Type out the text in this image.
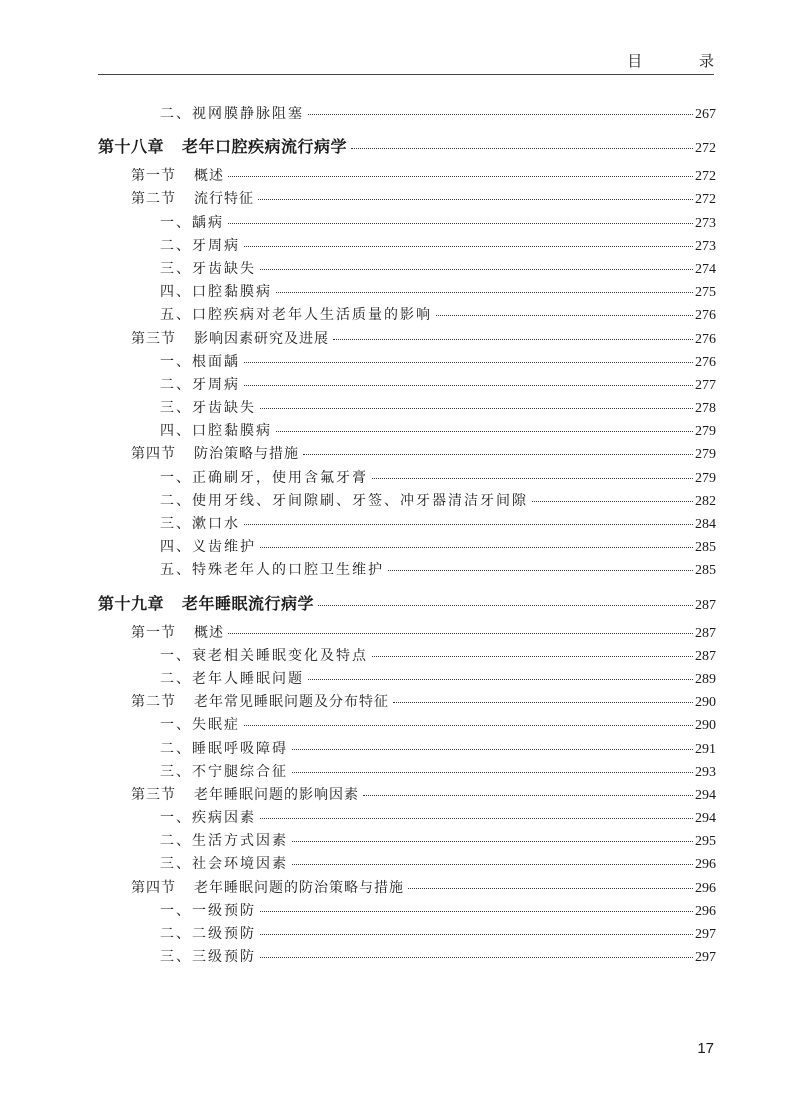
目 录
二、视网膜静脉阻塞	267
第十八章 老年口腔疾病流行病学	272
第一节 概述	272
第二节 流行特征	272
一、龋病	273
二、牙周病	273
三、牙齿缺失	274
四、口腔黏膜病	275
五、口腔疾病对老年人生活质量的影响	276
第三节 影响因素研究及进展	276
一、根面龋	276
二、牙周病	277
三、牙齿缺失	278
四、口腔黏膜病	279
第四节 防治策略与措施	279
一、正确刷牙，使用含氟牙膏	279
二、使用牙线、牙间隙刷、牙签、冲牙器清洁牙间隙	282
三、漱口水	284
四、义齿维护	285
五、特殊老年人的口腔卫生维护	285
第十九章 老年睡眠流行病学	287
第一节 概述	287
一、衰老相关睡眠变化及特点	287
二、老年人睡眠问题	289
第二节 老年常见睡眠问题及分布特征	290
一、失眠症	290
二、睡眠呼吸障碍	291
三、不宁腿综合征	293
第三节 老年睡眠问题的影响因素	294
一、疾病因素	294
二、生活方式因素	295
三、社会环境因素	296
第四节 老年睡眠问题的防治策略与措施	296
一、一级预防	296
二、二级预防	297
三、三级预防	297
17
